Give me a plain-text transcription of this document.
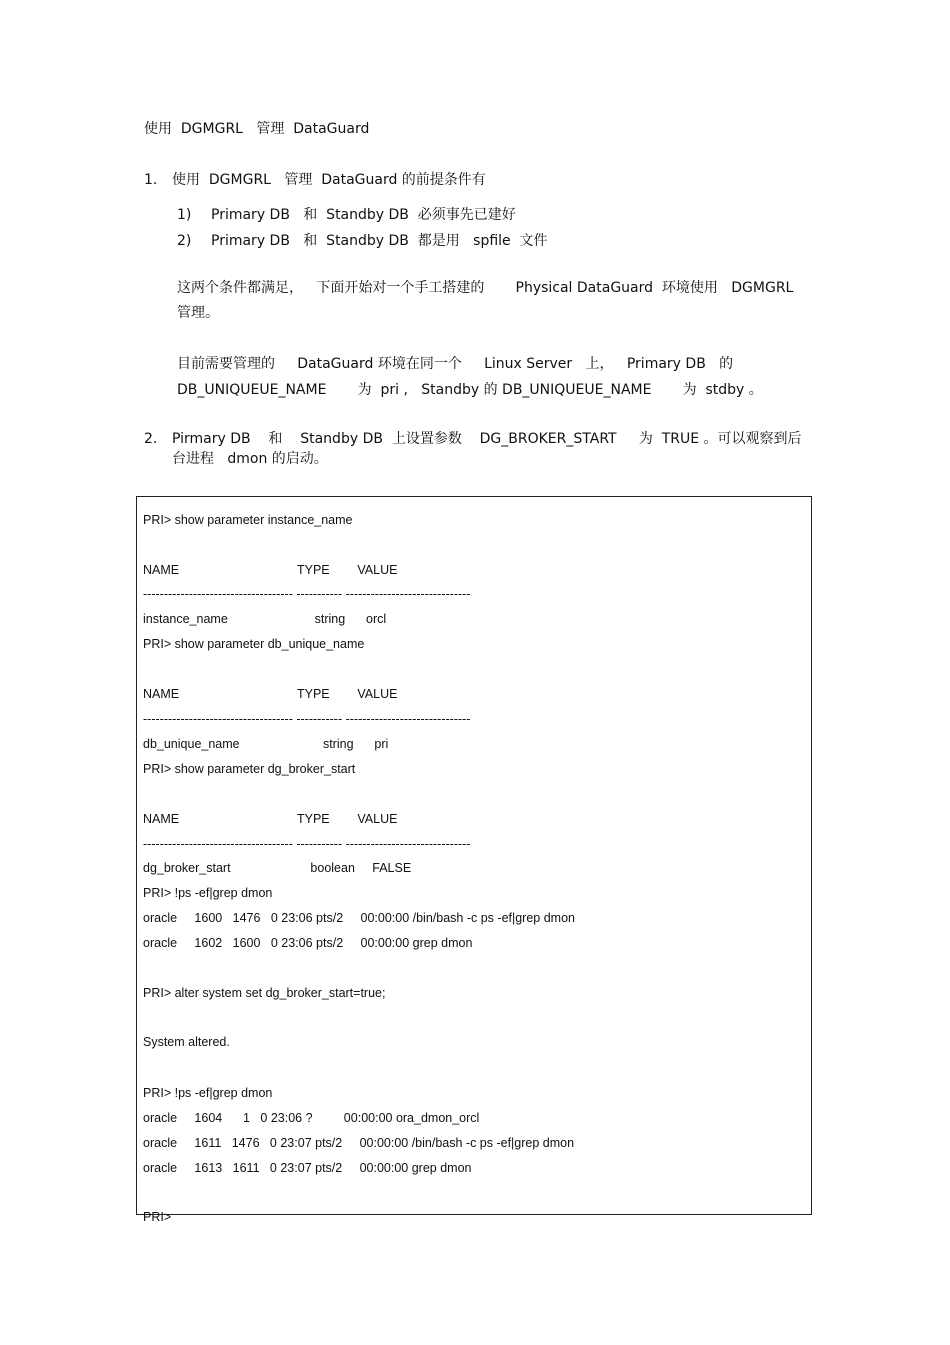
使用  DGMGRL   管理  DataGuard

1. 使用  DGMGRL   管理  DataGuard 的前提条件有

1) Primary DB   和  Standby DB  必须事先已建好

2) Primary DB   和  Standby DB  都是用   spfile  文件

这两个条件都满足，   下面开始对一个手工搭建的       Physical DataGuard  环境使用   DGMGRL

管理。

目前需要管理的     DataGuard 环境在同一个     Linux Server   上，   Primary DB   的

DB_UNIQUEUE_NAME       为  pri ,   Standby 的 DB_UNIQUEUE_NAME       为  stdby 。

2. Pirmary DB    和    Standby DB  上设置参数    DG_BROKER_START     为  TRUE 。可以观察到后

台进程   dmon 的启动。

PRI> show parameter instance_name

NAME                                  TYPE        VALUE

------------------------------------ ----------- ------------------------------

instance_name                         string      orcl

PRI> show parameter db_unique_name

NAME                                  TYPE        VALUE

------------------------------------ ----------- ------------------------------

db_unique_name                        string      pri

PRI> show parameter dg_broker_start

NAME                                  TYPE        VALUE

------------------------------------ ----------- ------------------------------

dg_broker_start                       boolean     FALSE

PRI> !ps -ef|grep dmon

oracle     1600   1476   0 23:06 pts/2     00:00:00 /bin/bash -c ps -ef|grep dmon

oracle     1602   1600   0 23:06 pts/2     00:00:00 grep dmon

PRI> alter system set dg_broker_start=true;

System altered.

PRI> !ps -ef|grep dmon

oracle     1604      1   0 23:06 ?         00:00:00 ora_dmon_orcl

oracle     1611   1476   0 23:07 pts/2     00:00:00 /bin/bash -c ps -ef|grep dmon

oracle     1613   1611   0 23:07 pts/2     00:00:00 grep dmon

PRI>
